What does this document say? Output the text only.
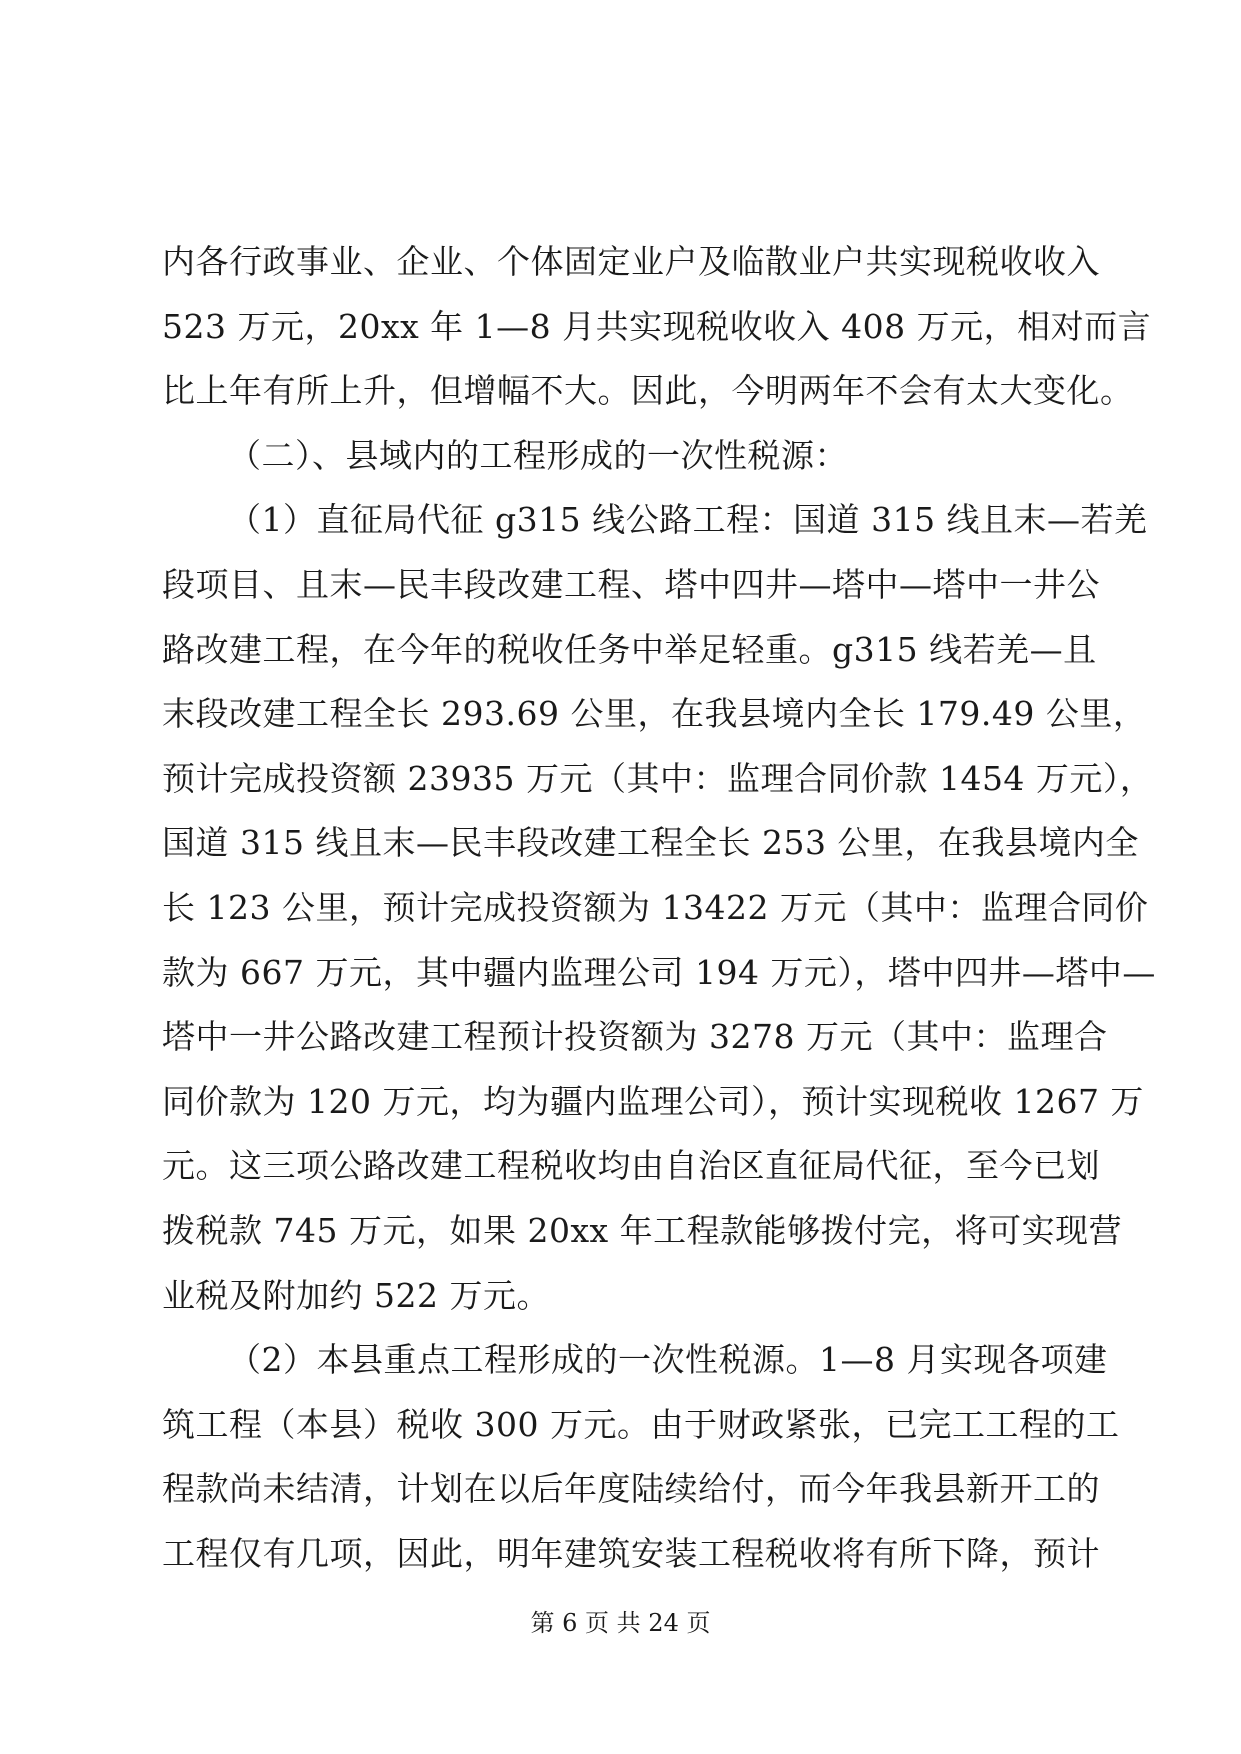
内各行政事业、企业、个体固定业户及临散业户共实现税收收入
523 万元，20xx 年 1—8 月共实现税收收入 408 万元，相对而言
比上年有所上升，但增幅不大。因此，今明两年不会有太大变化。
（二）、县域内的工程形成的一次性税源：
（1）直征局代征 g315 线公路工程：国道 315 线且末—若羌
段项目、且末—民丰段改建工程、塔中四井—塔中—塔中一井公
路改建工程，在今年的税收任务中举足轻重。g315 线若羌—且
末段改建工程全长 293.69 公里，在我县境内全长 179.49 公里，
预计完成投资额 23935 万元（其中：监理合同价款 1454 万元），
国道 315 线且末—民丰段改建工程全长 253 公里，在我县境内全
长 123 公里，预计完成投资额为 13422 万元（其中：监理合同价
款为 667 万元，其中疆内监理公司 194 万元），塔中四井—塔中—
塔中一井公路改建工程预计投资额为 3278 万元（其中：监理合
同价款为 120 万元，均为疆内监理公司），预计实现税收 1267 万
元。这三项公路改建工程税收均由自治区直征局代征，至今已划
拨税款 745 万元，如果 20xx 年工程款能够拨付完，将可实现营
业税及附加约 522 万元。
（2）本县重点工程形成的一次性税源。1—8 月实现各项建
筑工程（本县）税收 300 万元。由于财政紧张，已完工工程的工
程款尚未结清，计划在以后年度陆续给付，而今年我县新开工的
工程仅有几项，因此，明年建筑安装工程税收将有所下降，预计
第 6 页 共 24 页
